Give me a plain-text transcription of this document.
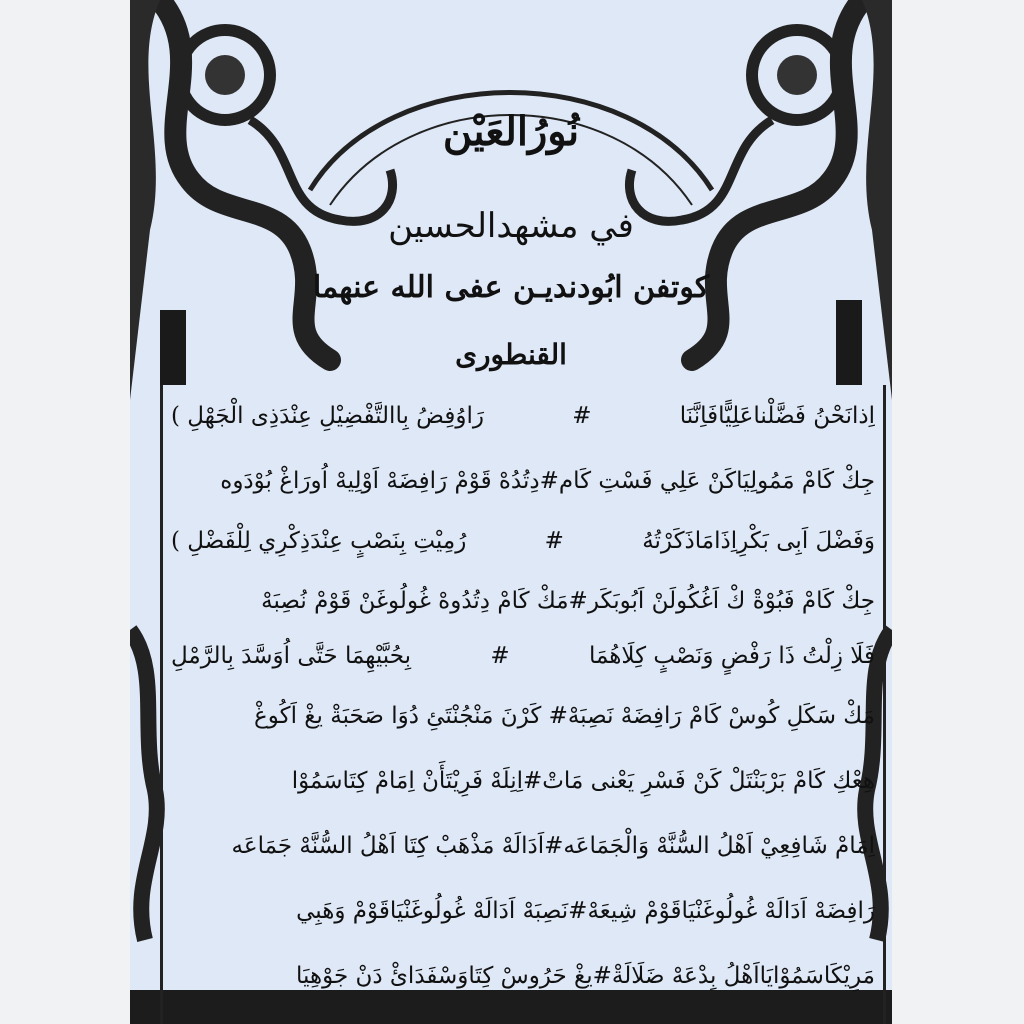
نُورُالعَيْن
في مشهدالحسين
كوتفن ابُودنديـن عفى الله عنهما
القنطورى
اِذانَحْنُ فَضَّلْناعَلِيًّافَاِنَّنَا
#
رَاوُفِضُ بِاالتَّفْضِيْلِ عِنْدَذِى الْجَهْلِ )
جِكْ كَامْ مَمُولِيَاكَنْ عَلِي فَسْتِ كَام#دِتُدُهْ قَوْمْ رَافِضَهْ اَوْلِيهْ اُورَاغْ بُوْدَوه
وَفَضْلَ اَبِى بَكْرِاِذَامَاذَكَرْتُهُ
#
رُمِيْتِ بِنَصْبٍ عِنْدَذِكْرِي لِلْفَضْلِ )
جِكْ كَامْ فَبُوْةْ كْ اَغُكُولَنْ اَبُوبَكَر#مَكْ كَامْ دِتُدُوهْ غُولُوغَنْ قَوْمْ نُصِبَهْ
فَلَا زِلْتُ ذَا رَفْضٍ وَنَصْبٍ كِلَاهُمَا
#
بِحُبَّيْهِمَا حَتَّى اُوَسَّدَ بِالرَّمْلِ
مَكْ سَكَلِ كُوسْ كَامْ رَافِضَهْ نَصِبَهْ# كَرْنَ مَنْجُنْتَئِ دُوَا صَحَبَةْ يغْ اَكُوغْ
هِعْكِ كَامْ بَرْبَنْتَلْ كَنْ فَسْرِ يَعْنى مَاتْ#اِنِلَهْ فَرِيْتَأَنْ اِمَامْ كِتَاسَمُوْا
اِمَامْ شَافِعِيْ اَهْلُ السُّنَّهْ وَالْجَمَاعَه#اَدَالَهْ مَذْهَبْ كِتَا اَهْلُ السُّنَّهْ جَمَاعَه
رَافِضَهْ اَدَالَهْ غُولُوغَنْيَاقَوْمْ شِيعَهْ#نَصِبَهْ اَدَالَهْ غُولُوغَنْيَاقَوْمْ وَهَبِي
مَرِيْكَاسَمُوْايَااَهْلُ بِدْعَهْ ضَلَالَةْ#يغْ حَرُوسْ كِتَاوَسْفَدَائْ دَنْ جَوْهِيَا
